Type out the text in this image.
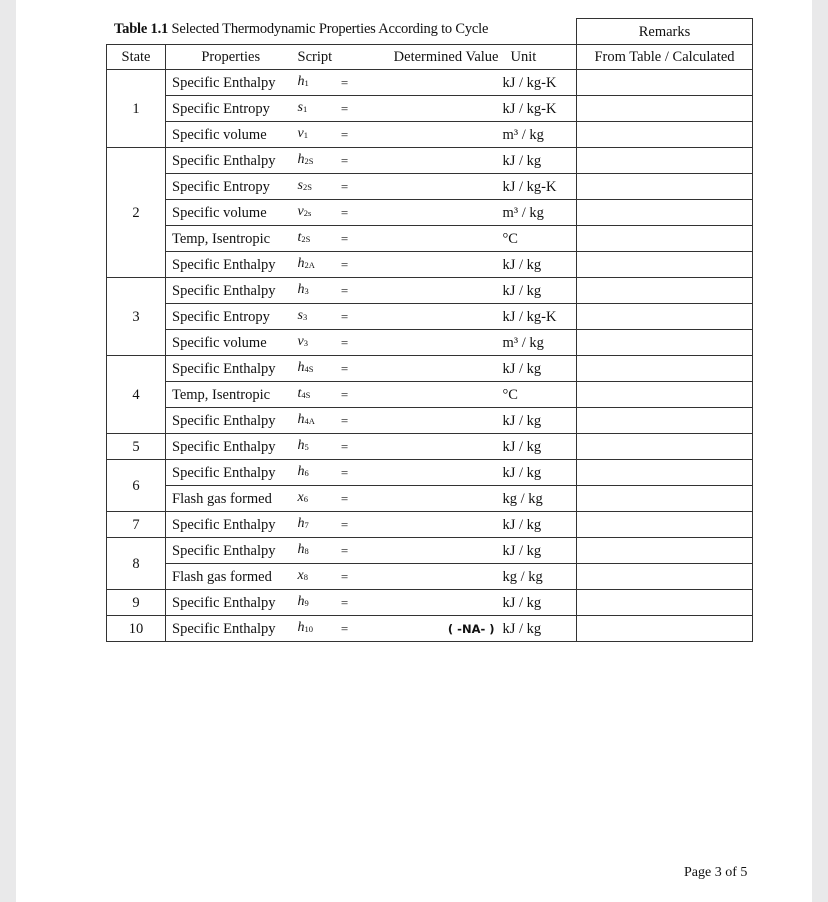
Table 1.1 Selected Thermodynamic Properties According to Cycle
						Remarks
State	Properties	Script		Determined Value	Unit	From Table / Calculated
1	Specific Enthalpy	$h_1$	=		kJ / kg-K	
	Specific Entropy	$s_1$	=		kJ / kg-K	
	Specific volume	$v_1$	=		m³ / kg	
2	Specific Enthalpy	$h_{2S}$	=		kJ / kg	
	Specific Entropy	$s_{2S}$	=		kJ / kg-K	
	Specific volume	$v_{2s}$	=		m³ / kg	
	Temp, Isentropic	$t_{2S}$	=		°C	
	Specific Enthalpy	$h_{2A}$	=		kJ / kg	
3	Specific Enthalpy	$h_3$	=		kJ / kg	
	Specific Entropy	$s_3$	=		kJ / kg-K	
	Specific volume	$v_3$	=		m³ / kg	
4	Specific Enthalpy	$h_{4S}$	=		kJ / kg	
	Temp, Isentropic	$t_{4S}$	=		°C	
	Specific Enthalpy	$h_{4A}$	=		kJ / kg	
5	Specific Enthalpy	$h_5$	=		kJ / kg	
6	Specific Enthalpy	$h_6$	=		kJ / kg	
	Flash gas formed	$x_6$	=		kg / kg	
7	Specific Enthalpy	$h_7$	=		kJ / kg	
8	Specific Enthalpy	$h_8$	=		kJ / kg	
	Flash gas formed	$x_8$	=		kg / kg	
9	Specific Enthalpy	$h_9$	=		kJ / kg	
10	Specific Enthalpy	$h_{10}$	=	( -NA- )	kJ / kg	
Page 3 of 5
